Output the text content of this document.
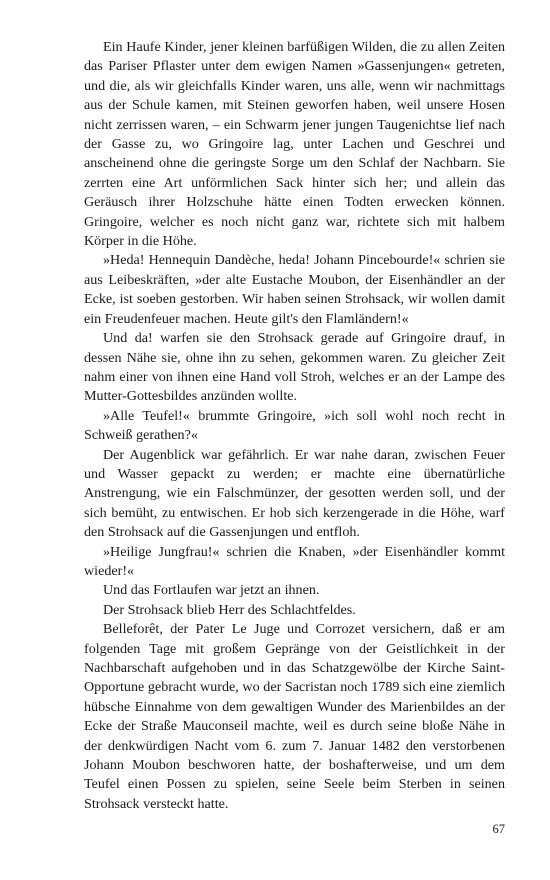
Ein Haufe Kinder, jener kleinen barfüßigen Wilden, die zu allen Zeiten das Pariser Pflaster unter dem ewigen Namen »Gassenjungen« getreten, und die, als wir gleichfalls Kinder waren, uns alle, wenn wir nachmittags aus der Schule kamen, mit Steinen geworfen haben, weil unsere Hosen nicht zerrissen waren, – ein Schwarm jener jungen Taugenichtse lief nach der Gasse zu, wo Gringoire lag, unter Lachen und Geschrei und anscheinend ohne die geringste Sorge um den Schlaf der Nachbarn. Sie zerrten eine Art unförmlichen Sack hinter sich her; und allein das Geräusch ihrer Holzschuhe hätte einen Todten erwecken können. Gringoire, welcher es noch nicht ganz war, richtete sich mit halbem Körper in die Höhe.

»Heda! Hennequin Dandèche, heda! Johann Pincebourde!« schrien sie aus Leibeskräften, »der alte Eustache Moubon, der Eisenhändler an der Ecke, ist soeben gestorben. Wir haben seinen Strohsack, wir wollen damit ein Freudenfeuer machen. Heute gilt's den Flamländern!«

Und da! warfen sie den Strohsack gerade auf Gringoire drauf, in dessen Nähe sie, ohne ihn zu sehen, gekommen waren. Zu gleicher Zeit nahm einer von ihnen eine Hand voll Stroh, welches er an der Lampe des Mutter-Gottesbildes anzünden wollte.

»Alle Teufel!« brummte Gringoire, »ich soll wohl noch recht in Schweiß gerathen?«

Der Augenblick war gefährlich. Er war nahe daran, zwischen Feuer und Wasser gepackt zu werden; er machte eine übernatürliche Anstrengung, wie ein Falschmünzer, der gesotten werden soll, und der sich bemüht, zu entwischen. Er hob sich kerzengerade in die Höhe, warf den Strohsack auf die Gassenjungen und entfloh.

»Heilige Jungfrau!« schrien die Knaben, »der Eisenhändler kommt wieder!«

Und das Fortlaufen war jetzt an ihnen.

Der Strohsack blieb Herr des Schlachtfeldes.

Belleforêt, der Pater Le Juge und Corrozet versichern, daß er am folgenden Tage mit großem Gepränge von der Geistlichkeit in der Nachbarschaft aufgehoben und in das Schatzgewölbe der Kirche Saint-Opportune gebracht wurde, wo der Sacristan noch 1789 sich eine ziemlich hübsche Einnahme von dem gewaltigen Wunder des Marienbildes an der Ecke der Straße Mauconseil machte, weil es durch seine bloße Nähe in der denkwürdigen Nacht vom 6. zum 7. Januar 1482 den verstorbenen Johann Moubon beschworen hatte, der boshafterweise, und um dem Teufel einen Possen zu spielen, seine Seele beim Sterben in seinen Strohsack versteckt hatte.

67
